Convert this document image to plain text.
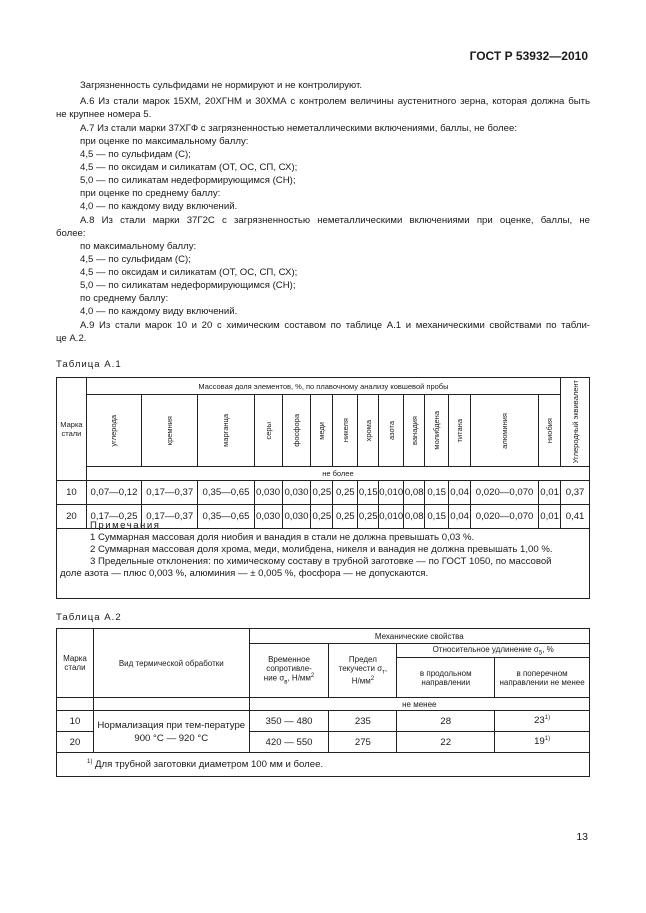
ГОСТ Р 53932—2010
Загрязненность сульфидами не нормируют и не контролируют.
А.6 Из стали марок 15ХМ, 20ХГНМ и 30ХМА с контролем величины аустенитного зерна, которая должна быть
не крупнее номера 5.
А.7 Из стали марки 37ХГФ с загрязненностью неметаллическими включениями, баллы, не более:
при оценке по максимальному баллу:
4,5 — по сульфидам (С);
4,5 — по оксидам и силикатам (ОТ, ОС, СП, СХ);
5,0 — по силикатам недеформирующимся (СН);
при оценке по среднему баллу:
4,0 — по каждому виду включений.
А.8 Из стали марки 37Г2С с загрязненностью неметаллическими включениями при оценке, баллы, не
более:
по максимальному баллу:
4,5 — по сульфидам (С);
4,5 — по оксидам и силикатам (ОТ, ОС, СП, СХ);
5,0 — по силикатам недеформирующимся (СН);
по среднему баллу:
4,0 — по каждому виду включений.
А.9 Из стали марок 10 и 20 с химическим составом по таблице А.1 и механическими свойствами по табли-
це А.2.
Таблица А.1
Марка стали	Массовая доля элементов, %, по плавочному анализу ковшевой пробы														Углеродный эквивалент

	углерода	кремния	марганца	серы	фосфора	меди	никеля	хрома	азота	ванадия	молибдена	титана	алюминия	ниобия	

	не более														
10	0,07—0,12	0,17—0,37	0,35—0,65	0,030	0,030	0,25	0,25	0,15	0,010	0,08	0,15	0,04	0,020—0,070	0,01	0,37
20	0,17—0,25	0,17—0,37	0,35—0,65	0,030	0,030	0,25	0,25	0,25	0,010	0,08	0,15	0,04	0,020—0,070	0,01	0,41
Примечания
1 Суммарная массовая доля ниобия и ванадия в стали не должна превышать 0,03 %.
2 Суммарная массовая доля хрома, меди, молибдена, никеля и ванадия не должна превышать 1,00 %.
3 Предельные отклонения: по химическому составу в трубной заготовке — по ГОСТ 1050, по массовой
доле азота — плюс 0,003 %, алюминия — ± 0,005 %, фосфора — не допускаются.
Таблица А.2
Марка стали	Вид термической обработки	Механические свойства			
		Временное
сопротивле-
ние $\sigma_в$, $Н/мм^2$	Предел
текучести $\sigma_т$,
$Н/мм^2$	Относительное удлинение $\sigma_5$, %	
				в продольном направлении	в поперечном направлении не менее
		не менее			
10	Нормализация при тем-пературе 900 °С — 920 °С	350 — 480	235	28	23$^{1)}$
20		420 — 550	275	22	19$^{1)}$
$^{1)}$ Для трубной заготовки диаметром 100 мм и более.					
13
